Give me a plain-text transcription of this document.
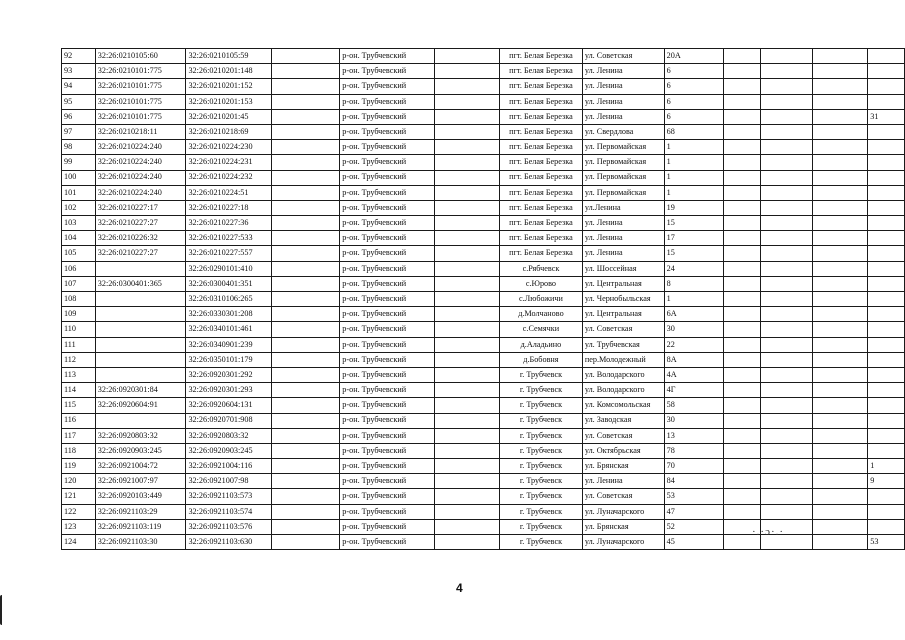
92	32:26:0210105:60	32:26:0210105:59		р-он. Трубчевский		пгт. Белая Березка	ул. Советская	20А				
93	32:26:0210101:775	32:26:0210201:148		р-он. Трубчевский		пгт. Белая Березка	ул. Ленина	6				
94	32:26:0210101:775	32:26:0210201:152		р-он. Трубчевский		пгт. Белая Березка	ул. Ленина	6				
95	32:26:0210101:775	32:26:0210201:153		р-он. Трубчевский		пгт. Белая Березка	ул. Ленина	6				
96	32:26:0210101:775	32:26:0210201:45		р-он. Трубчевский		пгт. Белая Березка	ул. Ленина	6				31
97	32:26:0210218:11	32:26:0210218:69		р-он. Трубчевский		пгт. Белая Березка	ул. Свердлова	68				
98	32:26:0210224:240	32:26:0210224:230		р-он. Трубчевский		пгт. Белая Березка	ул. Первомайская	1				
99	32:26:0210224:240	32:26:0210224:231		р-он. Трубчевский		пгт. Белая Березка	ул. Первомайская	1				
100	32:26:0210224:240	32:26:0210224:232		р-он. Трубчевский		пгт. Белая Березка	ул. Первомайская	1				
101	32:26:0210224:240	32:26:0210224:51		р-он. Трубчевский		пгт. Белая Березка	ул. Первомайская	1				
102	32:26:0210227:17	32:26:0210227:18		р-он. Трубчевский		пгт. Белая Березка	ул.Ленина	19				
103	32:26:0210227:27	32:26:0210227:36		р-он. Трубчевский		пгт. Белая Березка	ул. Ленина	15				
104	32:26:0210226:32	32:26:0210227:533		р-он. Трубчевский		пгт. Белая Березка	ул. Ленина	17				
105	32:26:0210227:27	32:26:0210227:557		р-он. Трубчевский		пгт. Белая Березка	ул. Ленина	15				
106		32:26:0290101:410		р-он. Трубчевский		с.Рябчевск	ул. Шоссейная	24				
107	32:26:0300401:365	32:26:0300401:351		р-он. Трубчевский		с.Юрово	ул. Центральная	8				
108		32:26:0310106:265		р-он. Трубчевский		с.Любожичи	ул. Чернобыльская	1				
109		32:26:0330301:208		р-он. Трубчевский		д.Молчаново	ул. Центральная	6А				
110		32:26:0340101:461		р-он. Трубчевский		с.Семячки	ул. Советская	30				
111		32:26:0340901:239		р-он. Трубчевский		д.Аладьино	ул. Трубчевская	22				
112		32:26:0350101:179		р-он. Трубчевский		д.Бобовня	пер.Молодежный	8А				
113		32:26:0920301:292		р-он. Трубчевский		г. Трубчевск	ул. Володарского	4А				
114	32:26:0920301:84	32:26:0920301:293		р-он. Трубчевский		г. Трубчевск	ул. Володарского	4Г				
115	32:26:0920604:91	32:26:0920604:131		р-он. Трубчевский		г. Трубчевск	ул. Комсомольская	58				
116		32:26:0920701:908		р-он. Трубчевский		г. Трубчевск	ул. Заводская	30				
117	32:26:0920803:32	32:26:0920803:32		р-он. Трубчевский		г. Трубчевск	ул. Советская	13				
118	32:26:0920903:245	32:26:0920903:245		р-он. Трубчевский		г. Трубчевск	ул. Октябрьская	78				
119	32:26:0921004:72	32:26:0921004:116		р-он. Трубчевский		г. Трубчевск	ул. Брянская	70				1
120	32:26:0921007:97	32:26:0921007:98		р-он. Трубчевский		г. Трубчевск	ул. Ленина	84				9
121	32:26:0920103:449	32:26:0921103:573		р-он. Трубчевский		г. Трубчевск	ул. Советская	53				
122	32:26:0921103:29	32:26:0921103:574		р-он. Трубчевский		г. Трубчевск	ул. Луначарского	47				
123	32:26:0921103:119	32:26:0921103:576		р-он. Трубчевский		г. Трубчевск	ул. Брянская	52				
124	32:26:0921103:30	32:26:0921103:630		р-он. Трубчевский		г. Трубчевск	ул. Луначарского	45				53
4
·.·ɔ·.·
